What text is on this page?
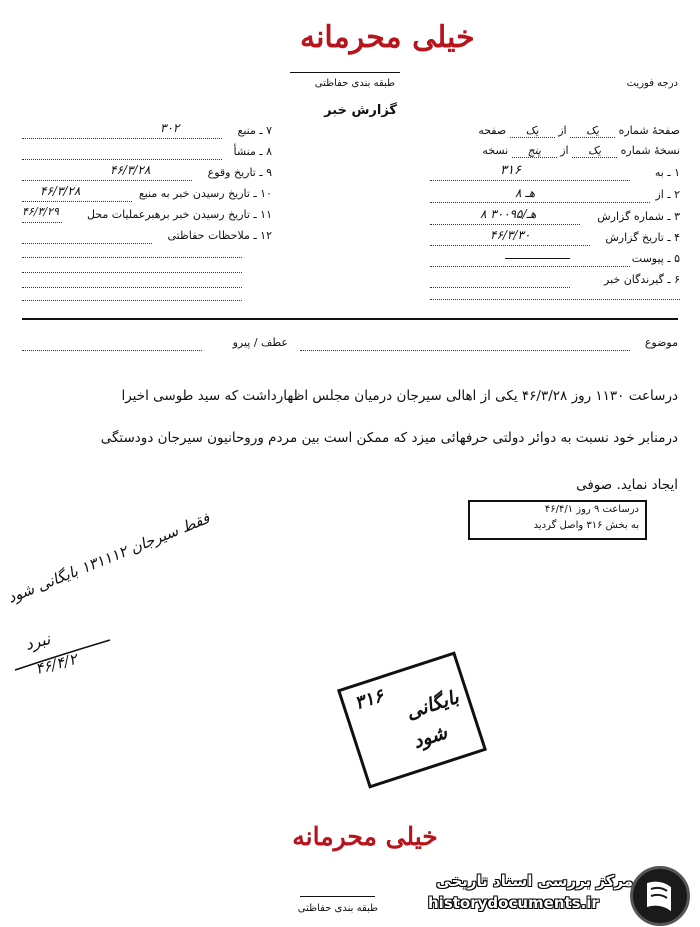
خیلی محرمانه
طبقه بندی حفاظتی	درجه فوریت
گزارش خبر
صفحهٔ شماره یک از یک صفحه
نسخهٔ شماره یک از پنج نسخه
۱ ـ به
۳۱۶
۲ ـ از
۸ هـ
۳ ـ شماره گزارش
۸ هـ/۳۰۰۹۵
۴ ـ تاریخ گزارش
۴۶/۳/۳۰
۵ ـ پیوست
۶ ـ گیرندگان خبر
۷ ـ منبع
۳۰۲
۸ ـ منشأ
۹ ـ تاریخ وقوع
۴۶/۳/۲۸
۱۰ ـ تاریخ رسیدن خبر به منبع
۴۶/۳/۲۸
۱۱ ـ تاریخ رسیدن خبر برهبرعملیات محل
۴۶/۳/۲۹
۱۲ ـ ملاحظات حفاظتی
موضوع
عطف / پیرو
درساعت ۱۱۳۰ روز ۴۶/۳/۲۸ یکی از اهالی سیرجان درمیان مجلس اظهارداشت که سید طوسی اخیرا
درمنابر خود نسبت به دوائر دولتی حرفهائی میزد که ممکن است بین مردم وروحانیون سیرجان دودستگی
ایجاد نماید. صوفی
درساعت ۹ روز ۴۶/۴/۱
به بخش ۳۱۶ واصل گردید
فقط سیرجان ۱۳۱۱۱۲ بایگانی شود
نبرد
۴۶/۴/۲
۳۱۶ بایگانی
شود
خیلی محرمانه
طبقه بندی حفاظتی
مرکز بررسی اسناد تاریخی
historydocuments.ir
